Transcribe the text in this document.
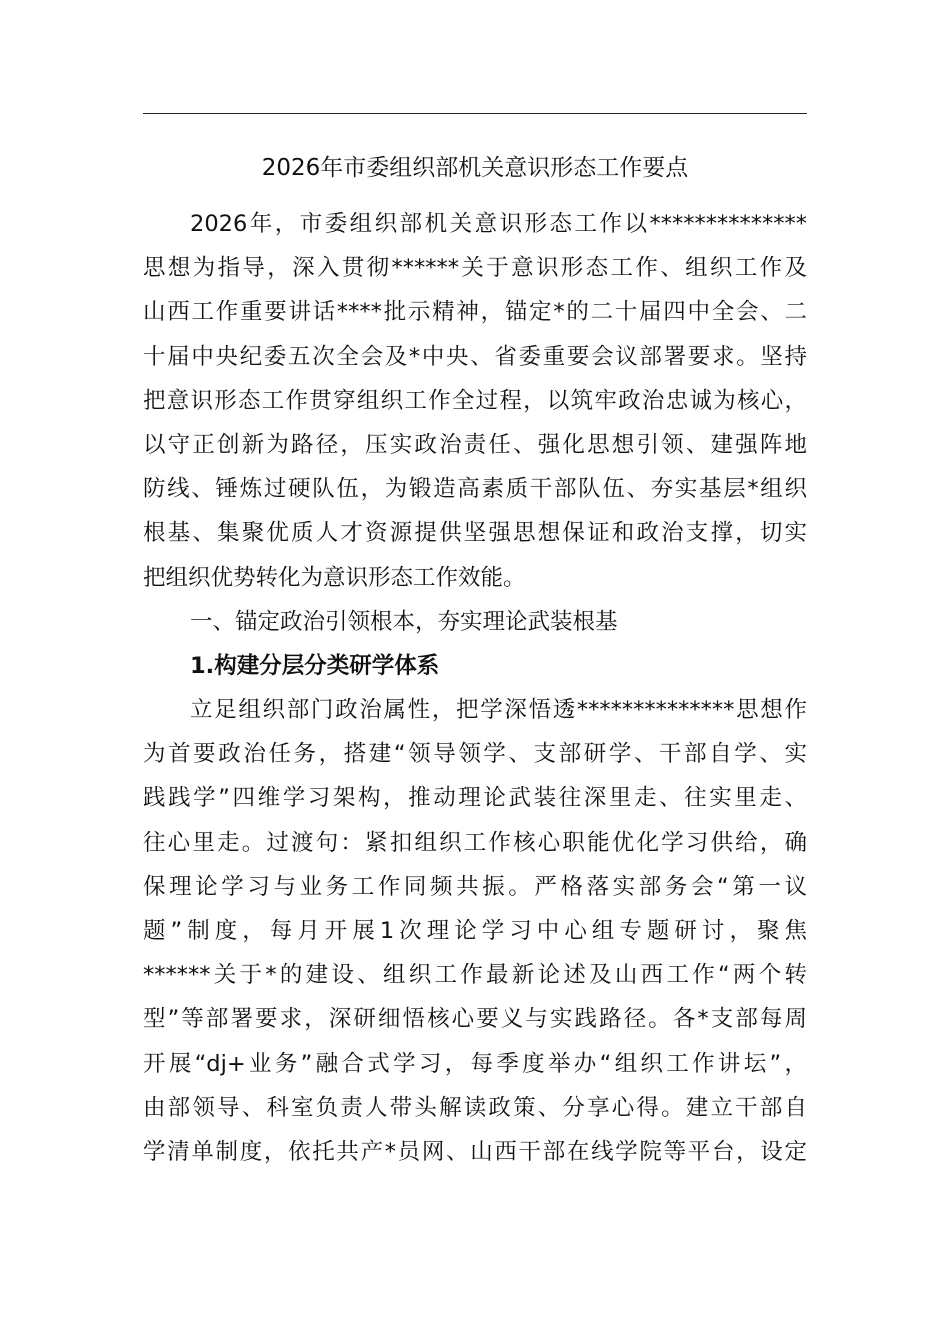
2026年市委组织部机关意识形态工作要点
2026年，市委组织部机关意识形态工作以**************
思想为指导，深入贯彻******关于意识形态工作、组织工作及
山西工作重要讲话****批示精神，锚定*的二十届四中全会、二
十届中央纪委五次全会及*中央、省委重要会议部署要求。坚持
把意识形态工作贯穿组织工作全过程，以筑牢政治忠诚为核心，
以守正创新为路径，压实政治责任、强化思想引领、建强阵地
防线、锤炼过硬队伍，为锻造高素质干部队伍、夯实基层*组织
根基、集聚优质人才资源提供坚强思想保证和政治支撑，切实
把组织优势转化为意识形态工作效能。
一、锚定政治引领根本，夯实理论武装根基
1.构建分层分类研学体系
立足组织部门政治属性，把学深悟透**************思想作
为首要政治任务，搭建“领导领学、支部研学、干部自学、实
践践学”四维学习架构，推动理论武装往深里走、往实里走、
往心里走。过渡句：紧扣组织工作核心职能优化学习供给，确
保理论学习与业务工作同频共振。严格落实部务会“第一议
题”制度，每月开展1次理论学习中心组专题研讨，聚焦
******关于*的建设、组织工作最新论述及山西工作“两个转
型”等部署要求，深研细悟核心要义与实践路径。各*支部每周
开展“dj+业务”融合式学习，每季度举办“组织工作讲坛”，
由部领导、科室负责人带头解读政策、分享心得。建立干部自
学清单制度，依托共产*员网、山西干部在线学院等平台，设定
